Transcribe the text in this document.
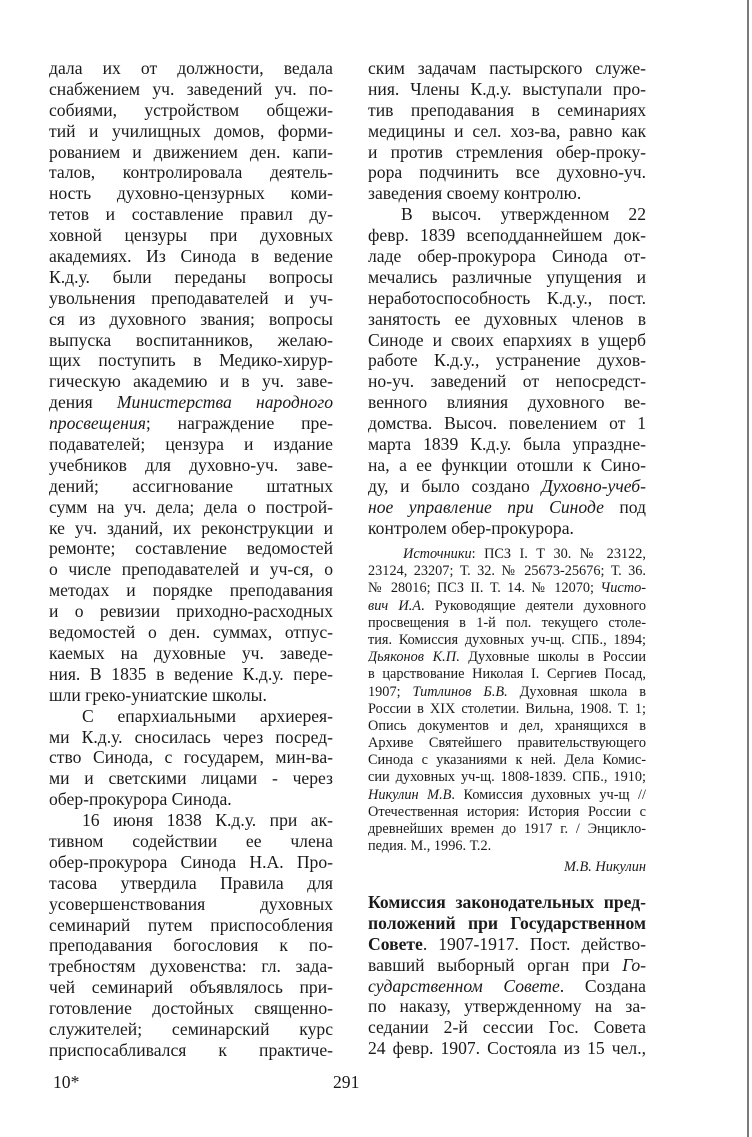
дала их от должности, ведала
снабжением уч. заведений уч. по-
собиями, устройством общежи-
тий и училищных домов, форми-
рованием и движением ден. капи-
талов, контролировала деятель-
ность духовно-цензурных коми-
тетов и составление правил ду-
ховной цензуры при духовных
академиях. Из Синода в ведение
К.д.у. были переданы вопросы
увольнения преподавателей и уч-
ся из духовного звания; вопросы
выпуска воспитанников, желаю-
щих поступить в Медико-хирур-
гическую академию и в уч. заве-
дения Министерства народного
просвещения; награждение пре-
подавателей; цензура и издание
учебников для духовно-уч. заве-
дений; ассигнование штатных
сумм на уч. дела; дела о построй-
ке уч. зданий, их реконструкции и
ремонте; составление ведомостей
о числе преподавателей и уч-ся, о
методах и порядке преподавания
и о ревизии приходно-расходных
ведомостей о ден. суммах, отпус-
каемых на духовные уч. заведе-
ния. В 1835 в ведение К.д.у. пере-
шли греко-униатские школы.
С епархиальными архиерея-
ми К.д.у. сносилась через посред-
ство Синода, с государем, мин-ва-
ми и светскими лицами - через
обер-прокурора Синода.
16 июня 1838 К.д.у. при ак-
тивном содействии ее члена
обер-прокурора Синода Н.А. Про-
тасова утвердила Правила для
усовершенствования духовных
семинарий путем приспособления
преподавания богословия к по-
требностям духовенства: гл. зада-
чей семинарий объявлялось при-
готовление достойных священно-
служителей; семинарский курс
приспосабливался к практиче-
ским задачам пастырского служе-
ния. Члены К.д.у. выступали про-
тив преподавания в семинариях
медицины и сел. хоз-ва, равно как
и против стремления обер-проку-
рора подчинить все духовно-уч.
заведения своему контролю.
В высоч. утвержденном 22
февр. 1839 всеподданнейшем док-
ладе обер-прокурора Синода от-
мечались различные упущения и
неработоспособность К.д.у., пост.
занятость ее духовных членов в
Синоде и своих епархиях в ущерб
работе К.д.у., устранение духов-
но-уч. заведений от непосредст-
венного влияния духовного ве-
домства. Высоч. повелением от 1
марта 1839 К.д.у. была упраздне-
на, а ее функции отошли к Сино-
ду, и было создано Духовно-учеб-
ное управление при Синоде под
контролем обер-прокурора.
Источники: ПСЗ I. Т 30. № 23122,
23124, 23207; Т. 32. № 25673-25676; Т. 36.
№ 28016; ПСЗ II. Т. 14. № 12070; Чисто-
вич И.А. Руководящие деятели духовного
просвещения в 1-й пол. текущего столе-
тия. Комиссия духовных уч-щ. СПБ., 1894;
Дьяконов К.П. Духовные школы в России
в царствование Николая I. Сергиев Посад,
1907; Титлинов Б.В. Духовная школа в
России в XIX столетии. Вильна, 1908. Т. 1;
Опись документов и дел, хранящихся в
Архиве Святейшего правительствующего
Синода с указаниями к ней. Дела Комис-
сии духовных уч-щ. 1808-1839. СПБ., 1910;
Никулин М.В. Комиссия духовных уч-щ //
Отечественная история: История России с
древнейших времен до 1917 г. / Энцикло-
педия. М., 1996. Т.2.
М.В. Никулин
Комиссия законодательных пред-
положений при Государственном
Совете. 1907-1917. Пост. действо-
вавший выборный орган при Го-
сударственном Совете. Создана
по наказу, утвержденному на за-
седании 2-й сессии Гос. Совета
24 февр. 1907. Состояла из 15 чел.,
10*	291
